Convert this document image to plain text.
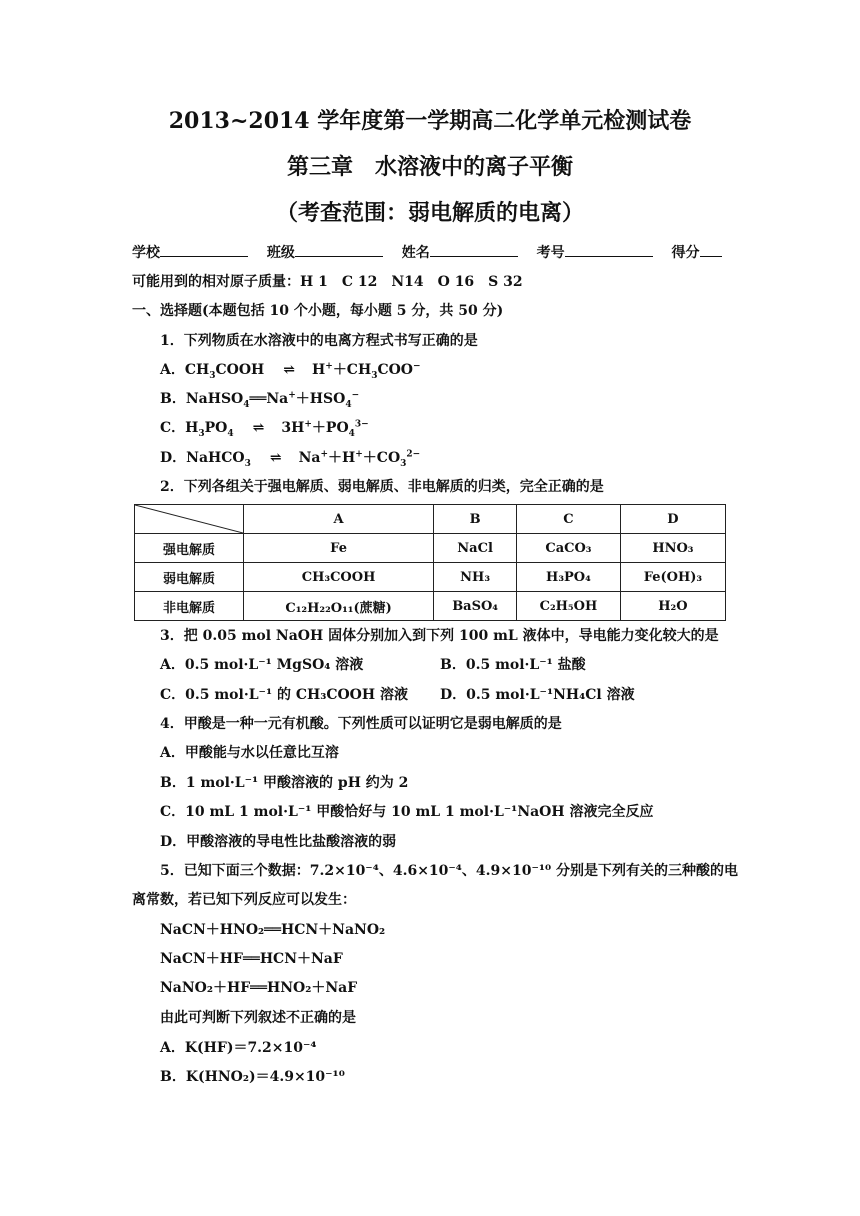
2013~2014 学年度第一学期高二化学单元检测试卷
第三章　水溶液中的离子平衡
（考查范围：弱电解质的电离）
学校	班级	姓名	考号	得分
可能用到的相对原子质量：H 1　C 12　N14　O 16　S 32
一、选择题(本题包括 10 个小题，每小题 5 分，共 50 分)
1．下列物质在水溶液中的电离方程式书写正确的是
A．$CH_3COOH$ ⇌ $H^++CH_3COO^-$
B．$NaHSO_4══Na^++HSO_4^-$
C．$H_3PO_4$ ⇌ $3H^++PO_4^{3-}$
D．NaHCO$_3$ ⇌ $Na^++H^++CO_3^{2-}$
2．下列各组关于强电解质、弱电解质、非电解质的归类，完全正确的是
	A	B	C	D
强电解质	Fe	NaCl	CaCO₃	HNO₃
弱电解质	CH₃COOH	NH₃	H₃PO₄	Fe(OH)₃
非电解质	C₁₂H₂₂O₁₁(蔗糖)	BaSO₄	C₂H₅OH	H₂O
3．把 0.05 mol NaOH 固体分别加入到下列 100 mL 液体中，导电能力变化较大的是
A．0.5 mol·L⁻¹ MgSO₄ 溶液	B．0.5 mol·L⁻¹ 盐酸
C．0.5 mol·L⁻¹ 的 CH₃COOH 溶液 D．0.5 mol·L⁻¹NH₄Cl 溶液
4．甲酸是一种一元有机酸。下列性质可以证明它是弱电解质的是
A．甲酸能与水以任意比互溶
B．1 mol·L⁻¹ 甲酸溶液的 pH 约为 2
C．10 mL 1 mol·L⁻¹ 甲酸恰好与 10 mL 1 mol·L⁻¹NaOH 溶液完全反应
D．甲酸溶液的导电性比盐酸溶液的弱
5．已知下面三个数据：7.2×10⁻⁴、4.6×10⁻⁴、4.9×10⁻¹⁰ 分别是下列有关的三种酸的电
离常数，若已知下列反应可以发生：
NaCN＋HNO₂══HCN＋NaNO₂
NaCN＋HF══HCN＋NaF
NaNO₂＋HF══HNO₂＋NaF
由此可判断下列叙述不正确的是
A．K(HF)＝7.2×10⁻⁴
B．K(HNO₂)＝4.9×10⁻¹⁰
